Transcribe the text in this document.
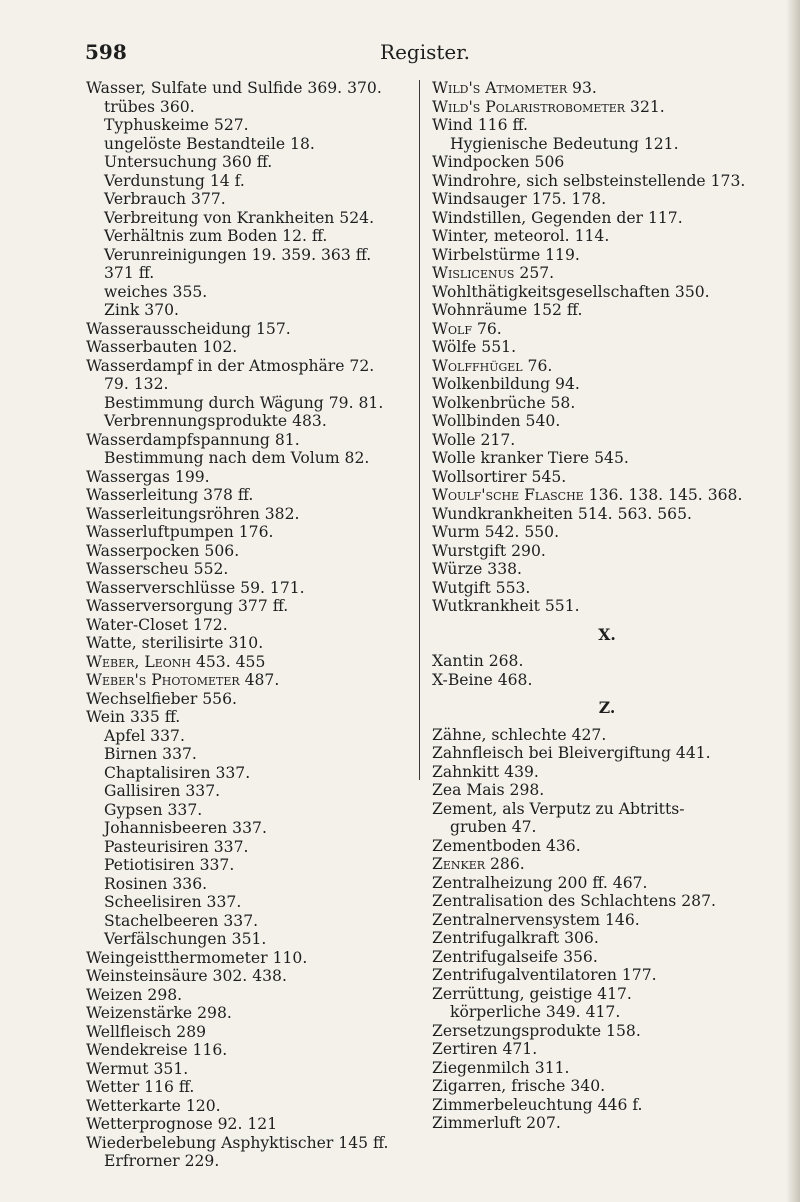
598	Register.
Wasser, Sulfate und Sulfide 369. 370.
trübes 360.
Typhuskeime 527.
ungelöste Bestandteile 18.
Untersuchung 360 ff.
Verdunstung 14 f.
Verbrauch 377.
Verbreitung von Krankheiten 524.
Verhältnis zum Boden 12. ff.
Verunreinigungen 19. 359. 363 ff.
371 ff.
weiches 355.
Zink 370.
Wasserausscheidung 157.
Wasserbauten 102.
Wasserdampf in der Atmosphäre 72.
79. 132.
Bestimmung durch Wägung 79. 81.
Verbrennungsprodukte 483.
Wasserdampfspannung 81.
Bestimmung nach dem Volum 82.
Wassergas 199.
Wasserleitung 378 ff.
Wasserleitungsröhren 382.
Wasserluftpumpen 176.
Wasserpocken 506.
Wasserscheu 552.
Wasserverschlüsse 59. 171.
Wasserversorgung 377 ff.
Water-Closet 172.
Watte, sterilisirte 310.
Weber, Leonh 453. 455
Weber's Photometer 487.
Wechselfieber 556.
Wein 335 ff.
Apfel 337.
Birnen 337.
Chaptalisiren 337.
Gallisiren 337.
Gypsen 337.
Johannisbeeren 337.
Pasteurisiren 337.
Petiotisiren 337.
Rosinen 336.
Scheelisiren 337.
Stachelbeeren 337.
Verfälschungen 351.
Weingeistthermometer 110.
Weinsteinsäure 302. 438.
Weizen 298.
Weizenstärke 298.
Wellfleisch 289
Wendekreise 116.
Wermut 351.
Wetter 116 ff.
Wetterkarte 120.
Wetterprognose 92. 121
Wiederbelebung Asphyktischer 145 ff.
Erfrorner 229.
Wild's Atmometer 93.
Wild's Polaristrobometer 321.
Wind 116 ff.
Hygienische Bedeutung 121.
Windpocken 506
Windrohre, sich selbsteinstellende 173.
Windsauger 175. 178.
Windstillen, Gegenden der 117.
Winter, meteorol. 114.
Wirbelstürme 119.
Wislicenus 257.
Wohlthätigkeitsgesellschaften 350.
Wohnräume 152 ff.
Wolf 76.
Wölfe 551.
Wolffhügel 76.
Wolkenbildung 94.
Wolkenbrüche 58.
Wollbinden 540.
Wolle 217.
Wolle kranker Tiere 545.
Wollsortirer 545.
Woulf'sche Flasche 136. 138. 145. 368.
Wundkrankheiten 514. 563. 565.
Wurm 542. 550.
Wurstgift 290.
Würze 338.
Wutgift 553.
Wutkrankheit 551.
X.
Xantin 268.
X-Beine 468.
Z.
Zähne, schlechte 427.
Zahnfleisch bei Bleivergiftung 441.
Zahnkitt 439.
Zea Mais 298.
Zement, als Verputz zu Abtritts-
gruben 47.
Zementboden 436.
Zenker 286.
Zentralheizung 200 ff. 467.
Zentralisation des Schlachtens 287.
Zentralnervensystem 146.
Zentrifugalkraft 306.
Zentrifugalseife 356.
Zentrifugalventilatoren 177.
Zerrüttung, geistige 417.
körperliche 349. 417.
Zersetzungsprodukte 158.
Zertiren 471.
Ziegenmilch 311.
Zigarren, frische 340.
Zimmerbeleuchtung 446 f.
Zimmerluft 207.
